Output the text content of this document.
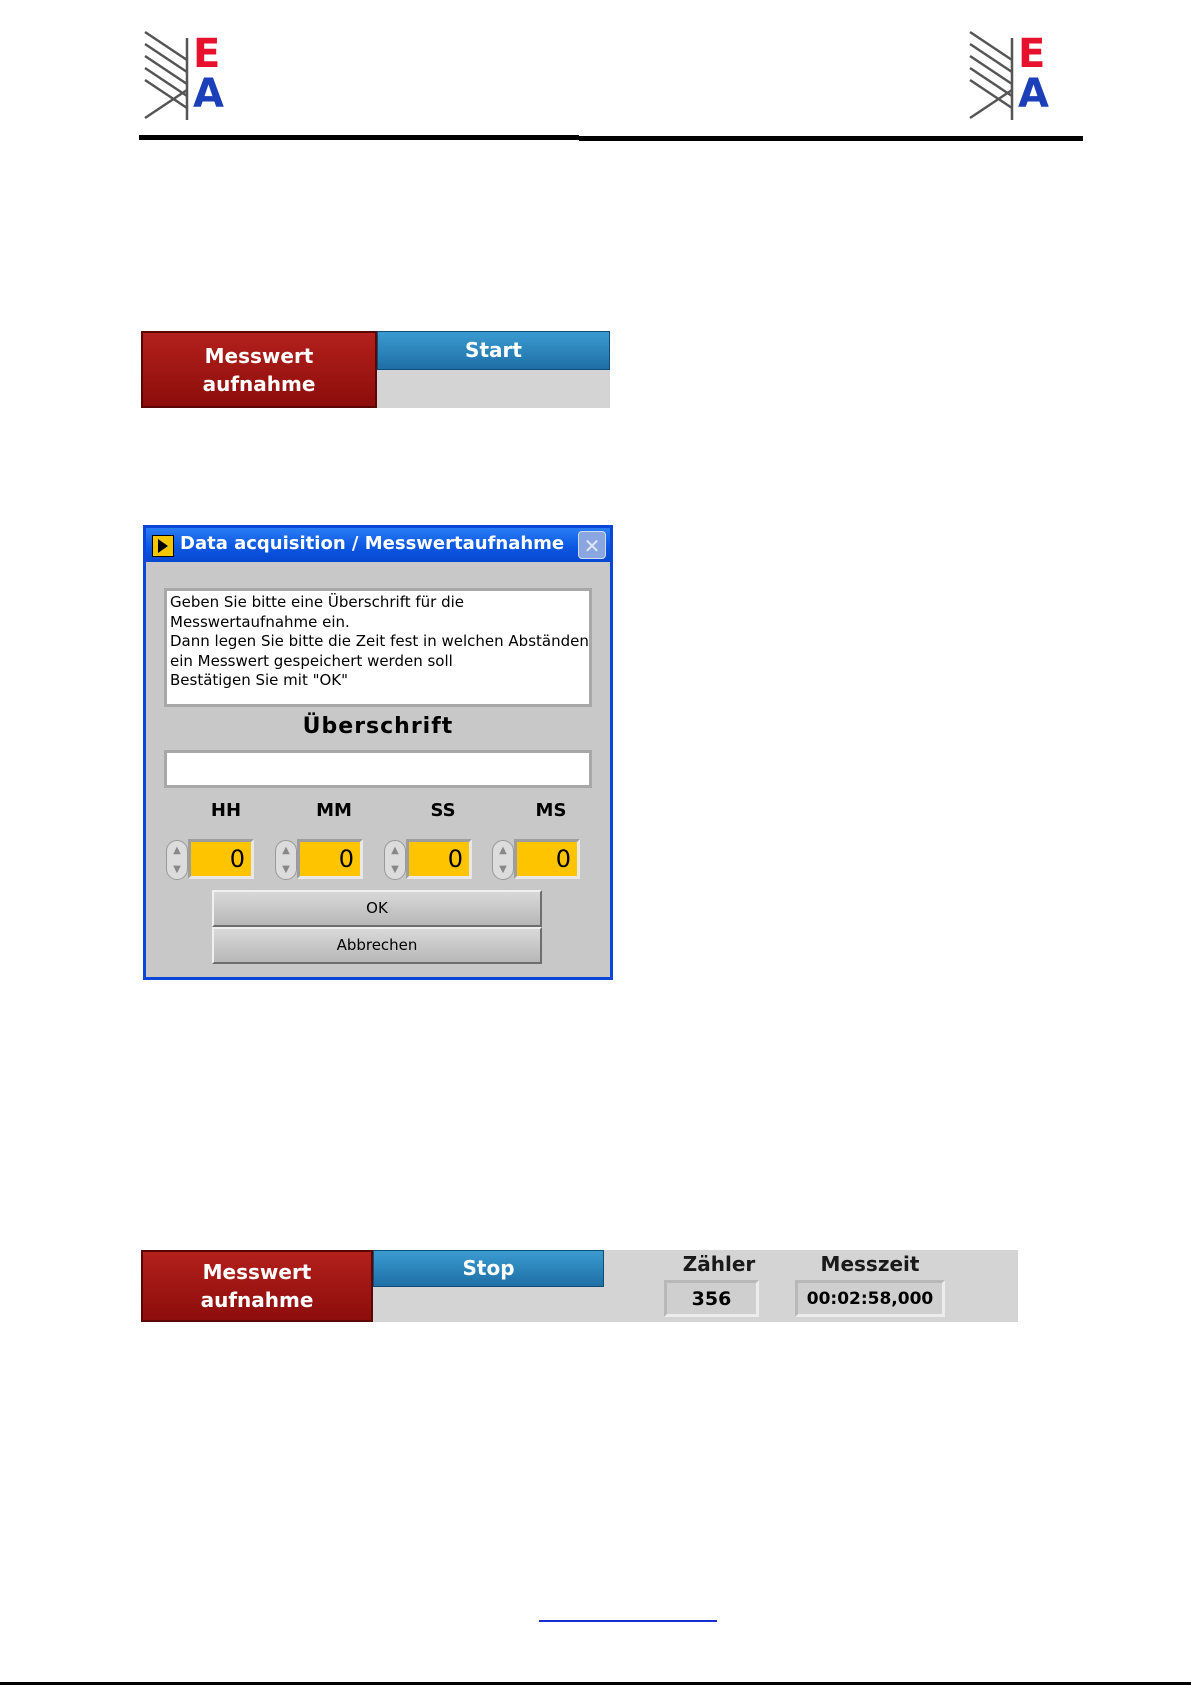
E
A
E
A
Messwert
aufnahme
Start
Data acquisition / Messwertaufnahme ✕
Geben Sie bitte eine Überschrift für die
Messwertaufnahme ein.
Dann legen Sie bitte die Zeit fest in welchen Abständen
ein Messwert gespeichert werden soll
Bestätigen Sie mit "OK"
Überschrift
HH	MM	SS	MS
▲
▼	0	▲
▼	0	▲
▼	0	▲
▼	0
OK
Abbrechen
Messwert
aufnahme
Stop	Zähler
356
Messzeit
00:02:58,000
